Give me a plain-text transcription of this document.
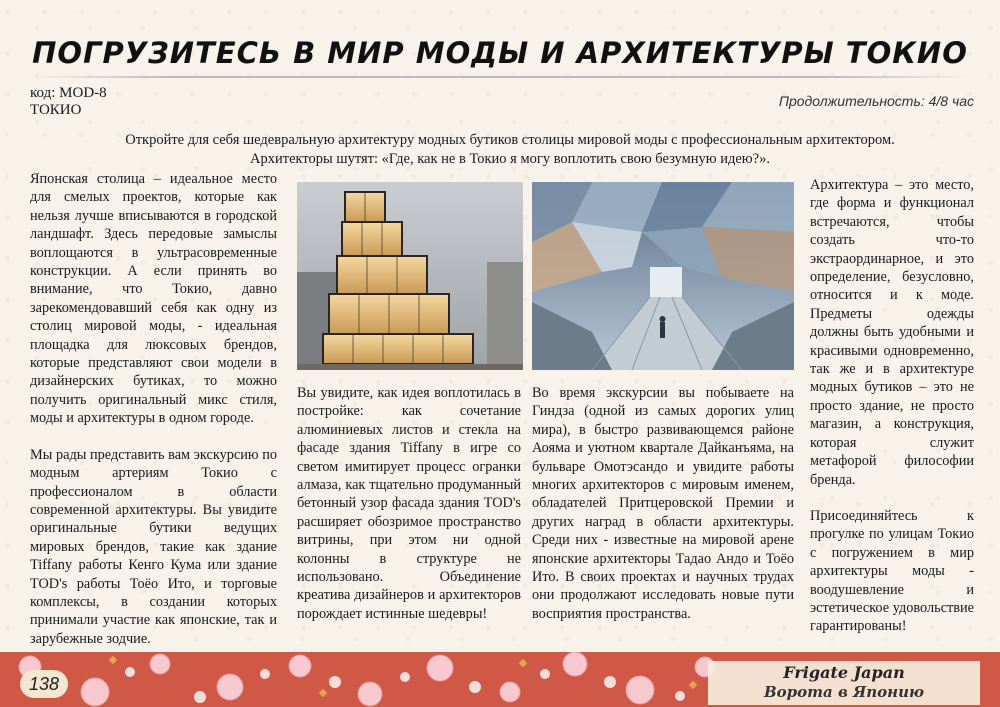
ПОГРУЗИТЕСЬ В МИР МОДЫ И АРХИТЕКТУРЫ ТОКИО
код: MOD-8
ТОКИО
Продолжительность: 4/8 час
Откройте для себя шедевральную архитектуру модных бутиков столицы мировой моды с профессиональным архитектором.
Архитекторы шутят: «Где, как не в Токио я могу воплотить свою безумную идею?».

Японская столица – идеальное место для смелых проектов, которые как нельзя лучше вписываются в городской ландшафт. Здесь передовые замыслы воплощаются в ультрасовременные конструкции. А если принять во внимание, что Токио, давно зарекомендовавший себя как одну из столиц мировой моды, - идеальная площадка для люксовых брендов, которые представляют свои модели в дизайнерских бутиках, то можно получить оригинальный микс стиля, моды и архитектуры в одном городе.

Мы рады представить вам экскурсию по модным артериям Токио с профессионалом в области современной архитектуры. Вы увидите оригинальные бутики ведущих мировых брендов, такие как здание Tiffany работы Кенго Кума или здание TOD's работы Тоёо Ито, и торговые комплексы, в создании которых принимали участие как японские, так и зарубежные зодчие.

Вы увидите, как идея воплотилась в постройке: как сочетание алюминиевых листов и стекла на фасаде здания Tiffany в игре со светом имитирует процесс огранки алмаза, как тщательно продуманный бетонный узор фасада здания TOD's расширяет обозримое пространство витрины, при этом ни одной колонны в структуре не использовано. Объединение креатива дизайнеров и архитекторов порождает истинные шедевры!

Во время экскурсии вы побываете на Гиндза (одной из самых дорогих улиц мира), в быстро развивающемся районе Аояма и уютном квартале Дайканъяма, на бульваре Омотэсандо и увидите работы многих архитекторов с мировым именем, обладателей Притцеровской Премии и других наград в области архитектуры. Среди них - известные на мировой арене японские архитекторы Тадао Андо и Тоёо Ито. В своих проектах и научных трудах они продолжают исследовать новые пути восприятия пространства.

Архитектура – это место, где форма и функционал встречаются, чтобы создать что-то экстраординарное, и это определение, безусловно, относится и к моде. Предметы одежды должны быть удобными и красивыми одновременно, так же и в архитектуре модных бутиков – это не просто здание, не просто магазин, а конструкция, которая служит метафорой философии бренда.

Присоединяйтесь к прогулке по улицам Токио с погружением в мир архитектуры моды - воодушевление и эстетическое удовольствие гарантированы!

138
Frigate Japan
Ворота в Японию
